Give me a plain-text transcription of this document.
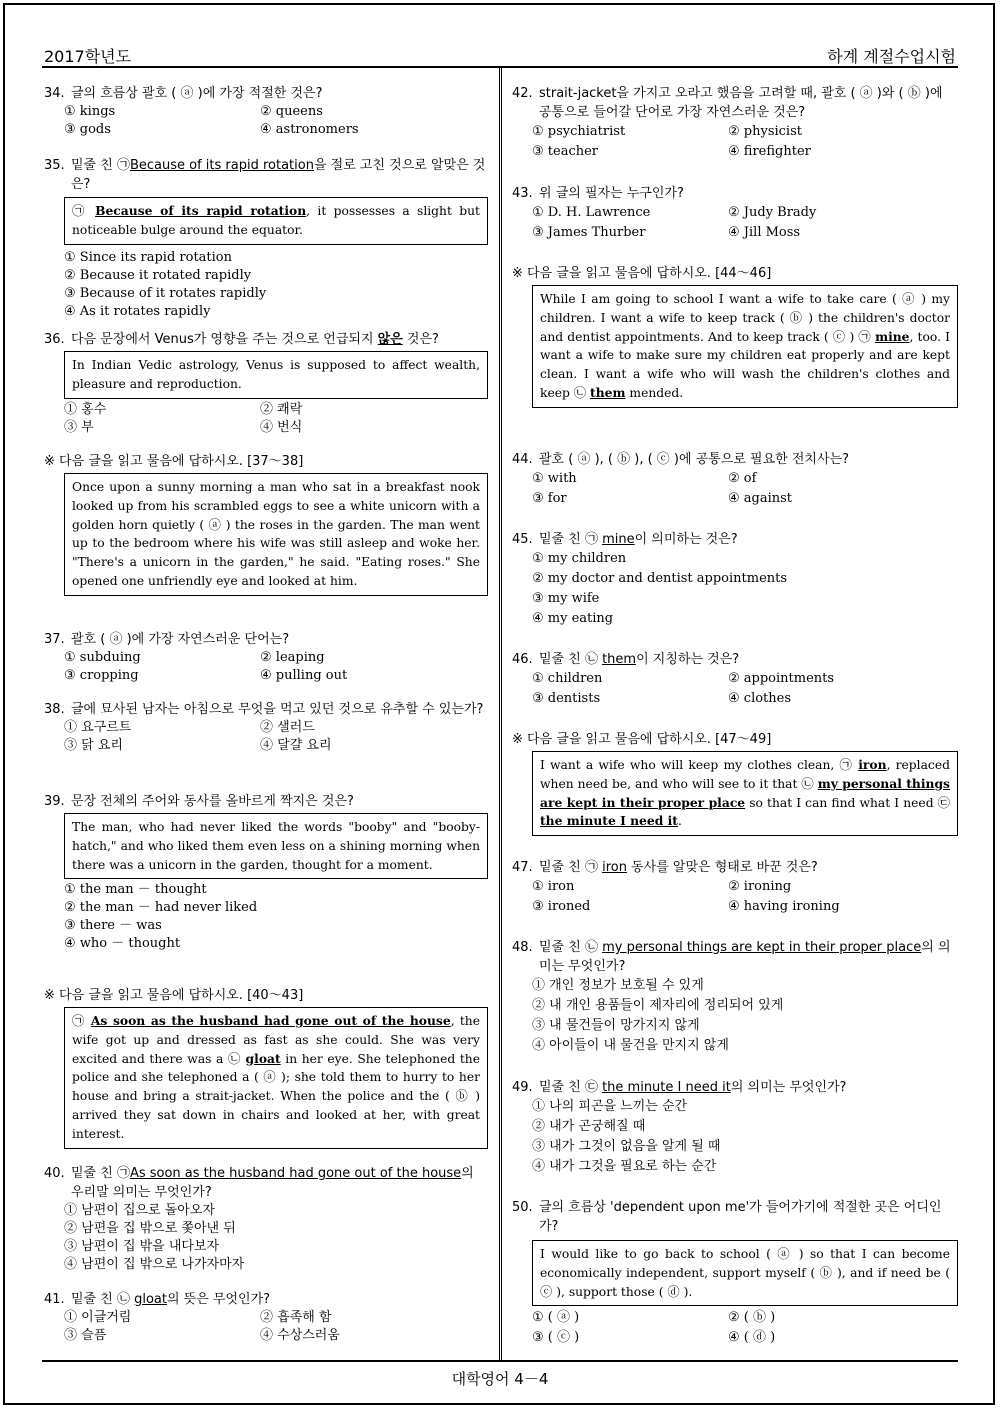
2017학년도	하계 계절수업시험
대학영어 4－4

34. 글의 흐름상 괄호 ( ⓐ )에 가장 적절한 것은?

① kings	② queens
③ gods	④ astronomers

35. 밑줄 친 ㉠Because of its rapid rotation을 절로 고친 것으로 알맞은 것은?

㉠ Because of its rapid rotation, it possesses a slight but noticeable bulge around the equator.
① Since its rapid rotation
② Because it rotated rapidly
③ Because of it rotates rapidly
④ As it rotates rapidly

36. 다음 문장에서 Venus가 영향을 주는 것으로 언급되지 않은 것은?

In Indian Vedic astrology, Venus is supposed to affect wealth, pleasure and reproduction.
① 홍수	② 쾌락
③ 부	④ 번식
※ 다음 글을 읽고 물음에 답하시오. [37～38]
Once upon a sunny morning a man who sat in a breakfast nook looked up from his scrambled eggs to see a white unicorn with a golden horn quietly ( ⓐ ) the roses in the garden. The man went up to the bedroom where his wife was still asleep and woke her. "There's a unicorn in the garden," he said. "Eating roses." She opened one unfriendly eye and looked at him.

37. 괄호 ( ⓐ )에 가장 자연스러운 단어는?

① subduing	② leaping
③ cropping	④ pulling out

38. 글에 묘사된 남자는 아침으로 무엇을 먹고 있던 것으로 유추할 수 있는가?

① 요구르트	② 샐러드
③ 닭 요리	④ 달걀 요리

39. 문장 전체의 주어와 동사를 올바르게 짝지은 것은?

The man, who had never liked the words "booby" and "booby-hatch," and who liked them even less on a shining morning when there was a unicorn in the garden, thought for a moment.
① the man － thought
② the man － had never liked
③ there － was
④ who － thought
※ 다음 글을 읽고 물음에 답하시오. [40～43]
㉠ As soon as the husband had gone out of the house, the wife got up and dressed as fast as she could. She was very excited and there was a ㉡ gloat in her eye. She telephoned the police and she telephoned a ( ⓐ ); she told them to hurry to her house and bring a strait-jacket. When the police and the ( ⓑ ) arrived they sat down in chairs and looked at her, with great interest.

40. 밑줄 친 ㉠As soon as the husband had gone out of the house의 우리말 의미는 무엇인가?

① 남편이 집으로 돌아오자
② 남편을 집 밖으로 쫓아낸 뒤
③ 남편이 집 밖을 내다보자
④ 남편이 집 밖으로 나가자마자

41. 밑줄 친 ㉡ gloat의 뜻은 무엇인가?

① 이글거림	② 흡족해 함
③ 슬픔	④ 수상스러움

42. strait-jacket을 가지고 오라고 했음을 고려할 때, 괄호 ( ⓐ )와 ( ⓑ )에 공통으로 들어갈 단어로 가장 자연스러운 것은?

① psychiatrist	② physicist
③ teacher	④ firefighter

43. 위 글의 필자는 누구인가?

① D. H. Lawrence	② Judy Brady
③ James Thurber	④ Jill Moss
※ 다음 글을 읽고 물음에 답하시오. [44～46]
While I am going to school I want a wife to take care ( ⓐ ) my children. I want a wife to keep track ( ⓑ ) the children's doctor and dentist appointments. And to keep track ( ⓒ ) ㉠ mine, too. I want a wife to make sure my children eat properly and are kept clean. I want a wife who will wash the children's clothes and keep ㉡ them mended.

44. 괄호 ( ⓐ ), ( ⓑ ), ( ⓒ )에 공통으로 필요한 전치사는?

① with	② of
③ for	④ against

45. 밑줄 친 ㉠ mine이 의미하는 것은?

① my children
② my doctor and dentist appointments
③ my wife
④ my eating

46. 밑줄 친 ㉡ them이 지칭하는 것은?

① children	② appointments
③ dentists	④ clothes
※ 다음 글을 읽고 물음에 답하시오. [47～49]
I want a wife who will keep my clothes clean, ㉠ iron, replaced when need be, and who will see to it that ㉡ my personal things are kept in their proper place so that I can find what I need ㉢ the minute I need it.

47. 밑줄 친 ㉠ iron 동사를 알맞은 형태로 바꾼 것은?

① iron	② ironing
③ ironed	④ having ironing

48. 밑줄 친 ㉡ my personal things are kept in their proper place의 의미는 무엇인가?

① 개인 정보가 보호될 수 있게
② 내 개인 용품들이 제자리에 정리되어 있게
③ 내 물건들이 망가지지 않게
④ 아이들이 내 물건을 만지지 않게

49. 밑줄 친 ㉢ the minute I need it의 의미는 무엇인가?

① 나의 피곤을 느끼는 순간
② 내가 곤궁해질 때
③ 내가 그것이 없음을 알게 될 때
④ 내가 그것을 필요로 하는 순간

50. 글의 흐름상 'dependent upon me'가 들어가기에 적절한 곳은 어디인가?

I would like to go back to school ( ⓐ ) so that I can become economically independent, support myself ( ⓑ ), and if need be ( ⓒ ), support those ( ⓓ ).
① ( ⓐ )	② ( ⓑ )
③ ( ⓒ )	④ ( ⓓ )
